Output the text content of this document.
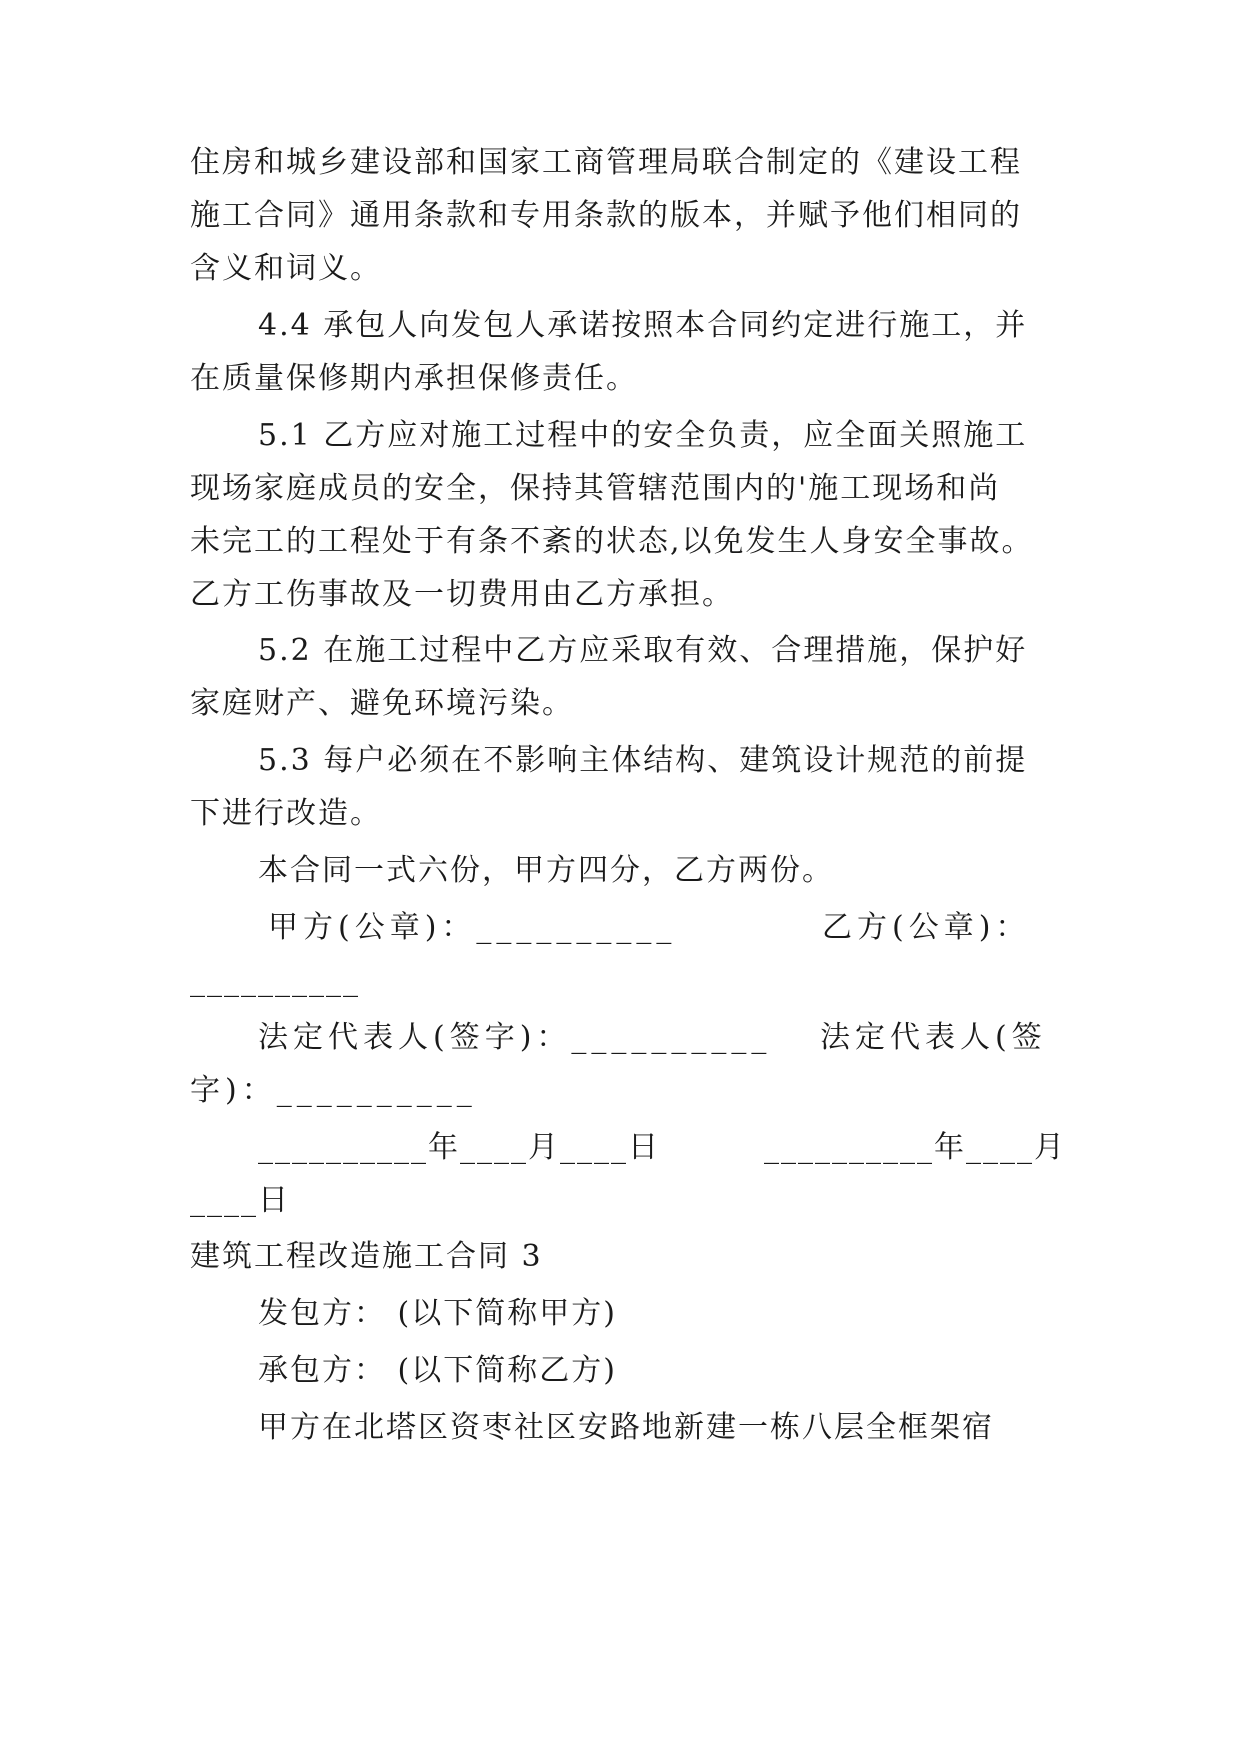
住房和城乡建设部和国家工商管理局联合制定的《建设工程
施工合同》通用条款和专用条款的版本，并赋予他们相同的
含义和词义。
4.4 承包人向发包人承诺按照本合同约定进行施工，并
在质量保修期内承担保修责任。
5.1 乙方应对施工过程中的安全负责，应全面关照施工
现场家庭成员的安全，保持其管辖范围内的'施工现场和尚
未完工的工程处于有条不紊的状态,以免发生人身安全事故。
乙方工伤事故及一切费用由乙方承担。
5.2 在施工过程中乙方应采取有效、合理措施，保护好
家庭财产、避免环境污染。
5.3 每户必须在不影响主体结构、建筑设计规范的前提
下进行改造。
本合同一式六份，甲方四分，乙方两份。
甲方(公章)：__________	乙方(公章)：
__________
法定代表人(签字)：__________ 法定代表人(签
字)：__________
__________年____月____日	__________年____月
____日
建筑工程改造施工合同 3
发包方： (以下简称甲方)
承包方： (以下简称乙方)
甲方在北塔区资枣社区安路地新建一栋八层全框架宿
